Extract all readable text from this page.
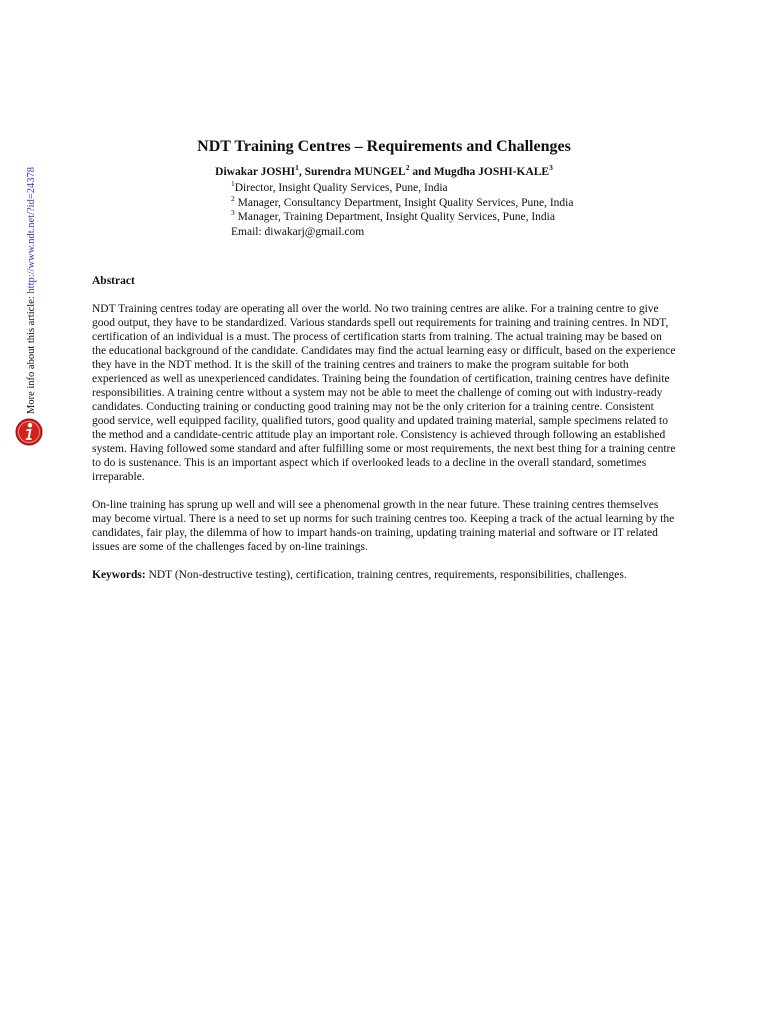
More info about this article: http://www.ndt.net/?id=24378
NDT Training Centres – Requirements and Challenges
Diwakar JOSHI$^1$, Surendra MUNGEL$^2$ and Mugdha JOSHI-KALE$^3$
$^1$Director, Insight Quality Services, Pune, India
$^2$ Manager, Consultancy Department, Insight Quality Services, Pune, India
$^3$ Manager, Training Department, Insight Quality Services, Pune, India
Email: diwakarj@gmail.com

Abstract

NDT Training centres today are operating all over the world. No two training centres are alike. For a training centre to give good output, they have to be standardized. Various standards spell out requirements for training and training centres. In NDT, certification of an individual is a must. The process of certification starts from training. The actual training may be based on the educational background of the candidate. Candidates may find the actual learning easy or difficult, based on the experience they have in the NDT method. It is the skill of the training centres and trainers to make the program suitable for both experienced as well as unexperienced candidates. Training being the foundation of certification, training centres have definite responsibilities. A training centre without a system may not be able to meet the challenge of coming out with industry-ready candidates. Conducting training or conducting good training may not be the only criterion for a training centre. Consistent good service, well equipped facility, qualified tutors, good quality and updated training material, sample specimens related to the method and a candidate-centric attitude play an important role. Consistency is achieved through following an established system. Having followed some standard and after fulfilling some or most requirements, the next best thing for a training centre to do is sustenance. This is an important aspect which if overlooked leads to a decline in the overall standard, sometimes irreparable.

On-line training has sprung up well and will see a phenomenal growth in the near future. These training centres themselves may become virtual. There is a need to set up norms for such training centres too. Keeping a track of the actual learning by the candidates, fair play, the dilemma of how to impart hands-on training, updating training material and software or IT related issues are some of the challenges faced by on-line trainings.

Keywords: NDT (Non-destructive testing), certification, training centres, requirements, responsibilities, challenges.
